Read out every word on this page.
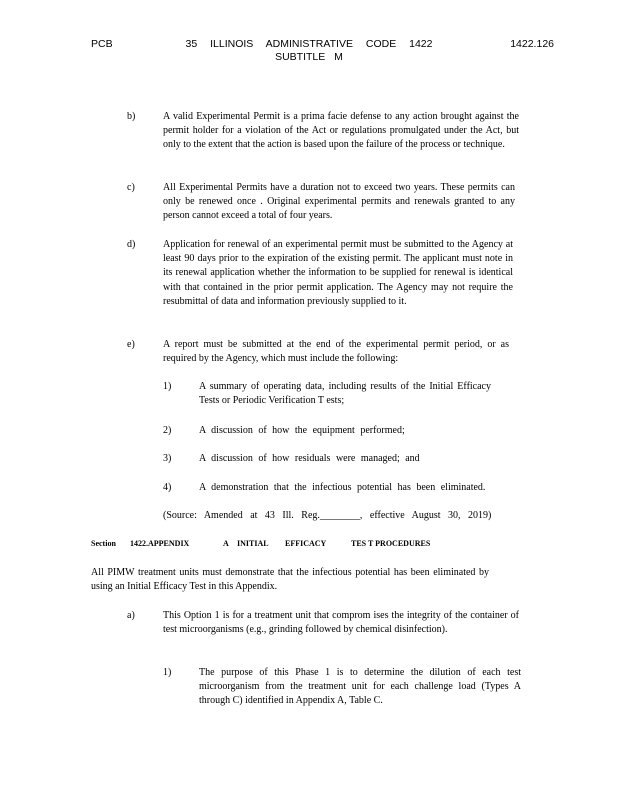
PCB	35 ILLINOIS ADMINISTRATIVE CODE 1422
SUBTITLE M
1422.126
b)	A valid Experimental Permit is a prima facie defense to any action brought against the permit holder for a violation of the Act or regulations promulgated under the Act, but only to the extent that the action is based upon the failure of the process or technique.
c)	All Experimental Permits have a duration not to exceed two years. These permits can only be renewed once . Original experimental permits and renewals granted to any person cannot exceed a total of four years.
d)	Application for renewal of an experimental permit must be submitted to the Agency at least 90 days prior to the expiration of the existing permit. The applicant must note in its renewal application whether the information to be supplied for renewal is identical with that contained in the prior permit application. The Agency may not require the resubmittal of data and information previously supplied to it.
e)	A report must be submitted at the end of the experimental permit period, or as required by the Agency, which must include the following:
1)	A summary of operating data, including results of the Initial Efficacy Tests or Periodic Verification T ests;
2)	A discussion of how the equipment performed;
3)	A discussion of how residuals were managed; and
4)	A demonstration that the infectious potential has been eliminated.
(Source: Amended at 43 Ill. Reg.________, effective August 30, 2019)
Section 1422.APPENDIX	A INITIAL EFFICACY	TES T PROCEDURES
All PIMW treatment units must demonstrate that the infectious potential has been eliminated by using an Initial Efficacy Test in this Appendix.
a)	This Option 1 is for a treatment unit that comprom ises the integrity of the container of test microorganisms (e.g., grinding followed by chemical disinfection).
1)	The purpose of this Phase 1 is to determine the dilution of each test microorganism from the treatment unit for each challenge load (Types A through C) identified in Appendix A, Table C.
